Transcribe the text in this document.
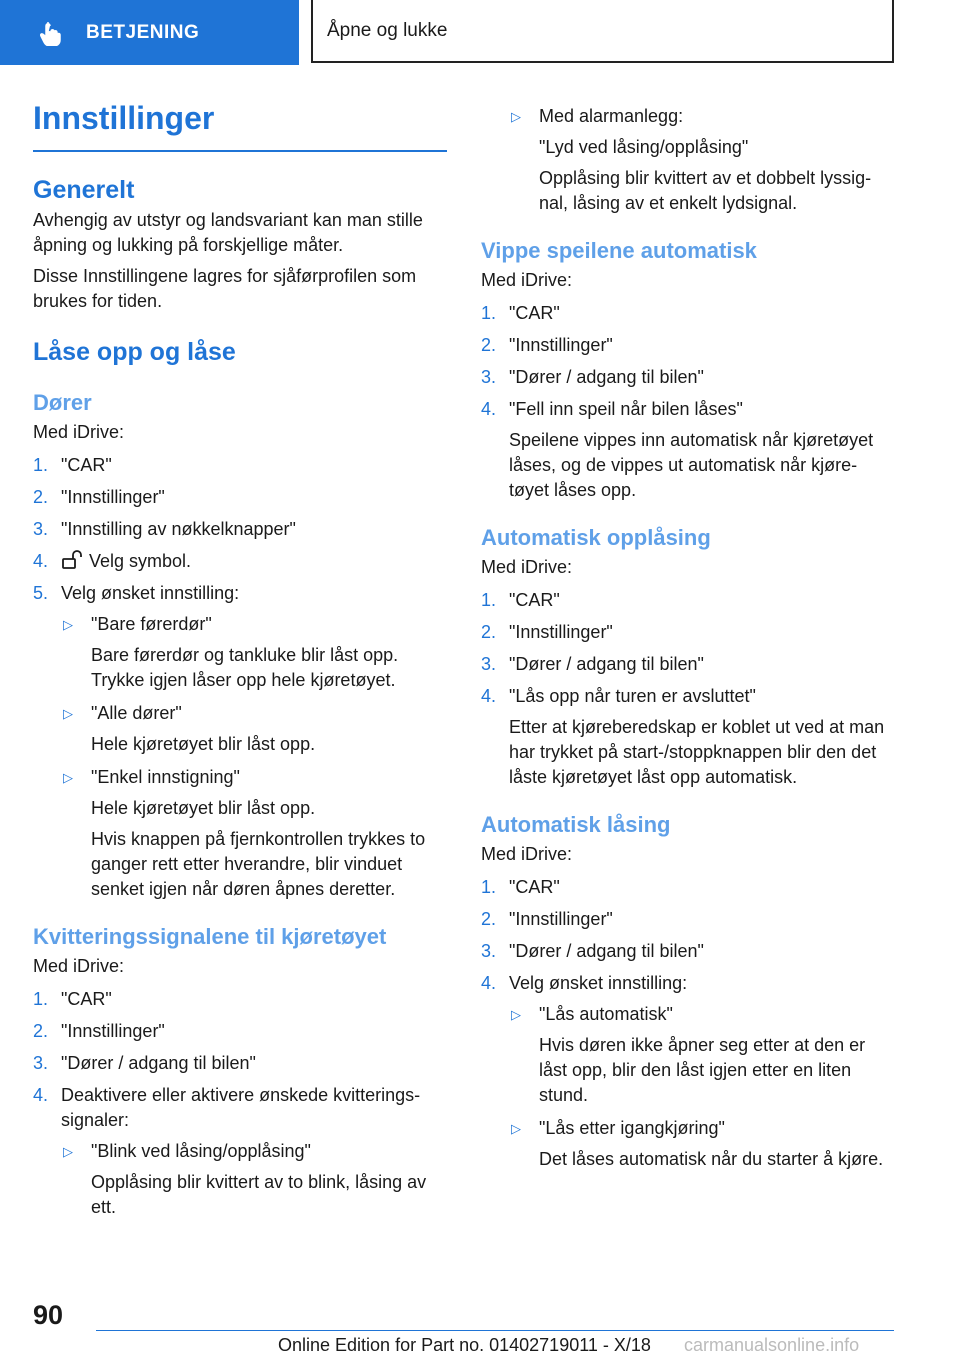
BETJENING	Åpne og lukke
Innstillinger
Generelt

Avhengig av utstyr og landsvariant kan man stille åpning og lukking på forskjellige måter.

Disse Innstillingene lagres for sjåførprofilen som brukes for tiden.

Låse opp og låse
Dører

Med iDrive:

1. "CAR"
2. "Innstillinger"
3. "Innstilling av nøkkelknapper"
4. Velg symbol.
5. Velg ønsket innstilling:
▷ "Bare førerdør"
Bare førerdør og tankluke blir låst opp. Trykke igjen låser opp hele kjøretøyet.
▷ "Alle dører"
Hele kjøretøyet blir låst opp.
▷ "Enkel innstigning"
Hele kjøretøyet blir låst opp.
Hvis knappen på fjernkontrollen trykkes to ganger rett etter hverandre, blir vinduet senket igjen når døren åpnes deretter.
Kvitteringssignalene til kjøretøyet

Med iDrive:

1. "CAR"
2. "Innstillinger"
3. "Dører / adgang til bilen"
4. Deaktivere eller aktivere ønskede kvitterings-signaler:
▷ "Blink ved låsing/opplåsing"
Opplåsing blir kvittert av to blink, låsing av ett.
▷ Med alarmanlegg:
"Lyd ved låsing/opplåsing"
Opplåsing blir kvittert av et dobbelt lyssig-nal, låsing av et enkelt lydsignal.
Vippe speilene automatisk

Med iDrive:

1. "CAR"
2. "Innstillinger"
3. "Dører / adgang til bilen"
4. "Fell inn speil når bilen låses"
Speilene vippes inn automatisk når kjøretøyet låses, og de vippes ut automatisk når kjøre-tøyet låses opp.
Automatisk opplåsing

Med iDrive:

1. "CAR"
2. "Innstillinger"
3. "Dører / adgang til bilen"
4. "Lås opp når turen er avsluttet"
Etter at kjøreberedskap er koblet ut ved at man har trykket på start-/stoppknappen blir den det låste kjøretøyet låst opp automatisk.
Automatisk låsing

Med iDrive:

1. "CAR"
2. "Innstillinger"
3. "Dører / adgang til bilen"
4. Velg ønsket innstilling:
▷ "Lås automatisk"
Hvis døren ikke åpner seg etter at den er låst opp, blir den låst igjen etter en liten stund.
▷ "Lås etter igangkjøring"
Det låses automatisk når du starter å kjøre.
90
Online Edition for Part no. 01402719011 - X/18 carmanualsonline.info
